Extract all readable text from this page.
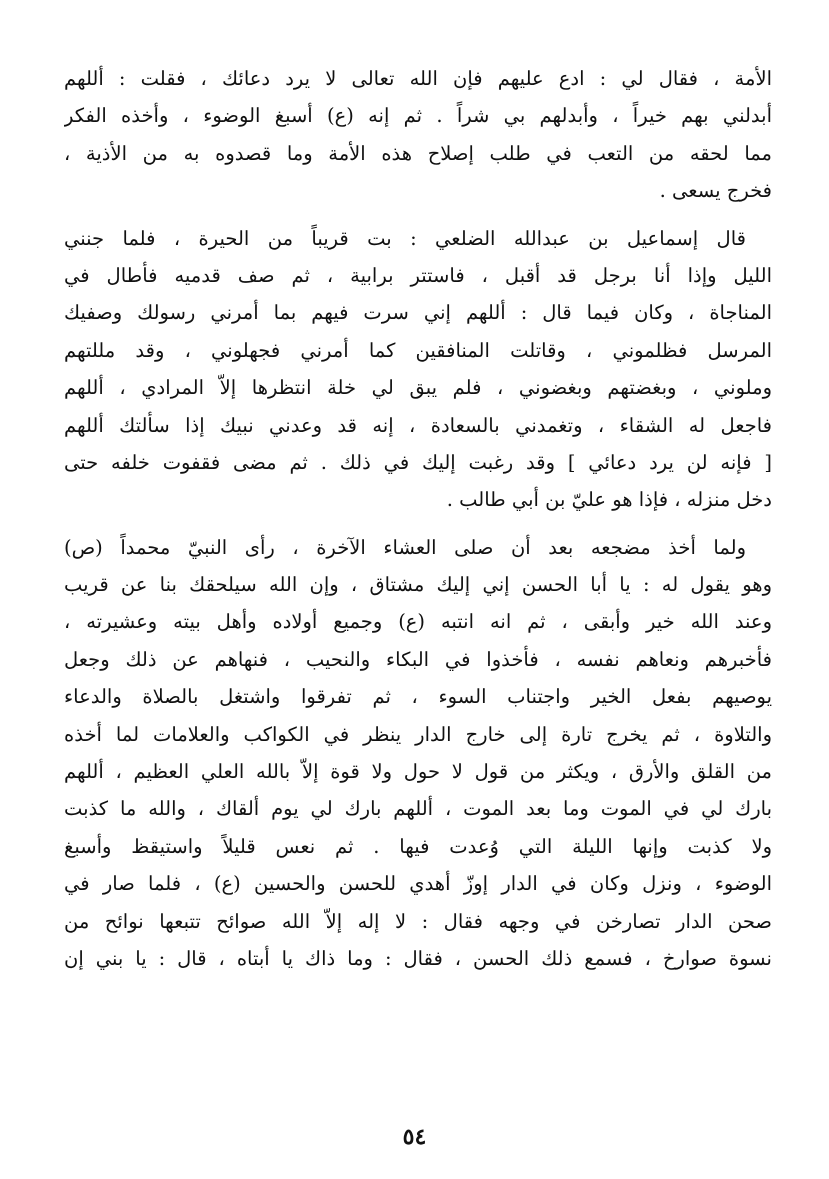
الأمة ، فقال لي : ادع عليهم فإن الله تعالى لا يرد دعائك ، فقلت : أللهم
أبدلني بهم خيراً ، وأبدلهم بي شراً . ثم إنه (ع) أسبغ الوضوء ، وأخذه الفكر
مما لحقه من التعب في طلب إصلاح هذه الأمة وما قصدوه به من الأذية ،
فخرج يسعى .
قال إسماعيل بن عبدالله الضلعي : بت قريباً من الحيرة ، فلما جنني
الليل وإذا أنا برجل قد أقبل ، فاستتر برابية ، ثم صف قدميه فأطال في
المناجاة ، وكان فيما قال : أللهم إني سرت فيهم بما أمرني رسولك وصفيك
المرسل فظلموني ، وقاتلت المنافقين كما أمرني فجهلوني ، وقد مللتهم
وملوني ، وبغضتهم وبغضوني ، فلم يبق لي خلة انتظرها إلاّ المرادي ، أللهم
فاجعل له الشقاء ، وتغمدني بالسعادة ، إنه قد وعدني نبيك إذا سألتك أللهم
[ فإنه لن يرد دعائي ] وقد رغبت إليك في ذلك . ثم مضى فقفوت خلفه حتى
دخل منزله ، فإذا هو عليّ بن أبي طالب .
ولما أخذ مضجعه بعد أن صلى العشاء الآخرة ، رأى النبيّ محمداً (ص)
وهو يقول له : يا أبا الحسن إني إليك مشتاق ، وإن الله سيلحقك بنا عن قريب
وعند الله خير وأبقى ، ثم انه انتبه (ع) وجميع أولاده وأهل بيته وعشيرته ،
فأخبرهم ونعاهم نفسه ، فأخذوا في البكاء والنحيب ، فنهاهم عن ذلك وجعل
يوصيهم بفعل الخير واجتناب السوء ، ثم تفرقوا واشتغل بالصلاة والدعاء
والتلاوة ، ثم يخرج تارة إلى خارج الدار ينظر في الكواكب والعلامات لما أخذه
من القلق والأرق ، ويكثر من قول لا حول ولا قوة إلاّ بالله العلي العظيم ، أللهم
بارك لي في الموت وما بعد الموت ، أللهم بارك لي يوم ألقاك ، والله ما كذبت
ولا كذبت وإنها الليلة التي وُعدت فيها . ثم نعس قليلاً واستيقظ وأسبغ
الوضوء ، ونزل وكان في الدار إوزّ أهدي للحسن والحسين (ع) ، فلما صار في
صحن الدار تصارخن في وجهه فقال : لا إله إلاّ الله صوائح تتبعها نوائح من
نسوة صوارخ ، فسمع ذلك الحسن ، فقال : وما ذاك يا أبتاه ، قال : يا بني إن
٥٤
